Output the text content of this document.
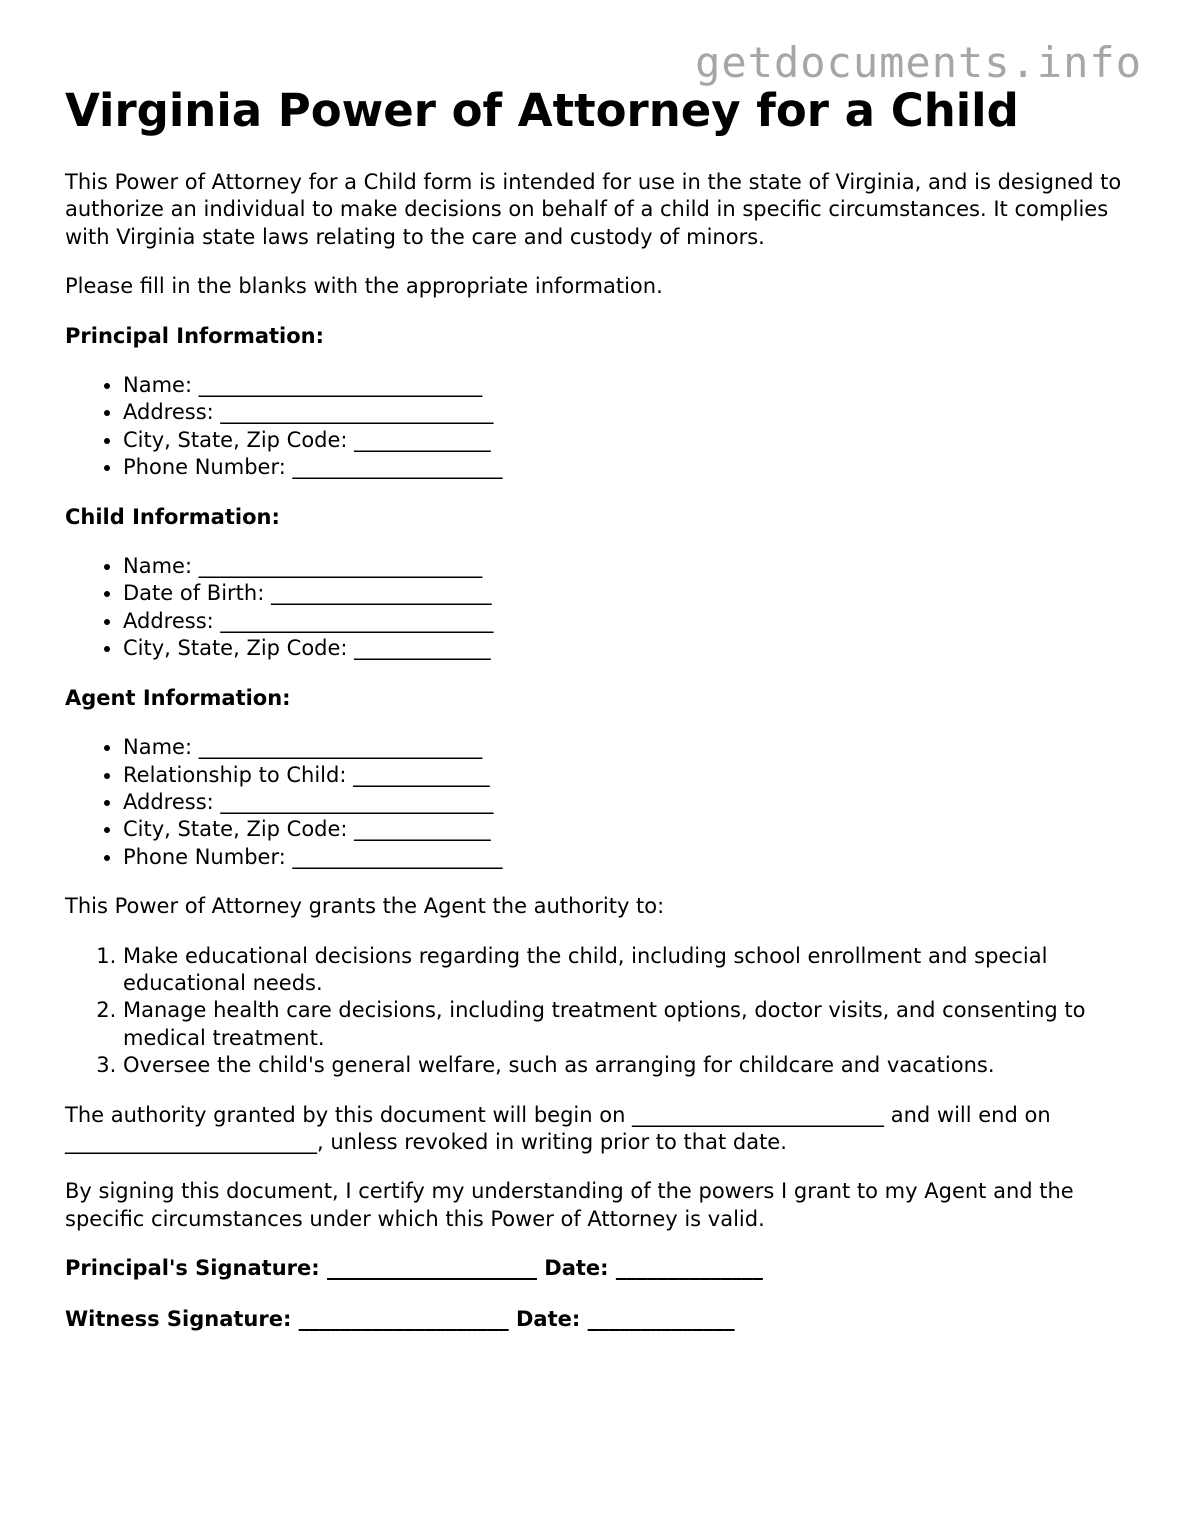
getdocuments.info
Virginia Power of Attorney for a Child

This Power of Attorney for a Child form is intended for use in the state of Virginia, and is designed to authorize an individual to make decisions on behalf of a child in specific circumstances. It complies with Virginia state laws relating to the care and custody of minors.

Please fill in the blanks with the appropriate information.

Principal Information:

• Name: ___________________________
• Address: __________________________
• City, State, Zip Code: _____________
• Phone Number: ____________________

Child Information:

• Name: ___________________________
• Date of Birth: _____________________
• Address: __________________________
• City, State, Zip Code: _____________

Agent Information:

• Name: ___________________________
• Relationship to Child: _____________
• Address: __________________________
• City, State, Zip Code: _____________
• Phone Number: ____________________

This Power of Attorney grants the Agent the authority to:

1. Make educational decisions regarding the child, including school enrollment and special educational needs.
2. Manage health care decisions, including treatment options, doctor visits, and consenting to medical treatment.
3. Oversee the child's general welfare, such as arranging for childcare and vacations.

The authority granted by this document will begin on ________________________ and will end on ________________________, unless revoked in writing prior to that date.

By signing this document, I certify my understanding of the powers I grant to my Agent and the specific circumstances under which this Power of Attorney is valid.

Principal's Signature: ____________________ Date: ______________
Witness Signature: ____________________ Date: ______________
